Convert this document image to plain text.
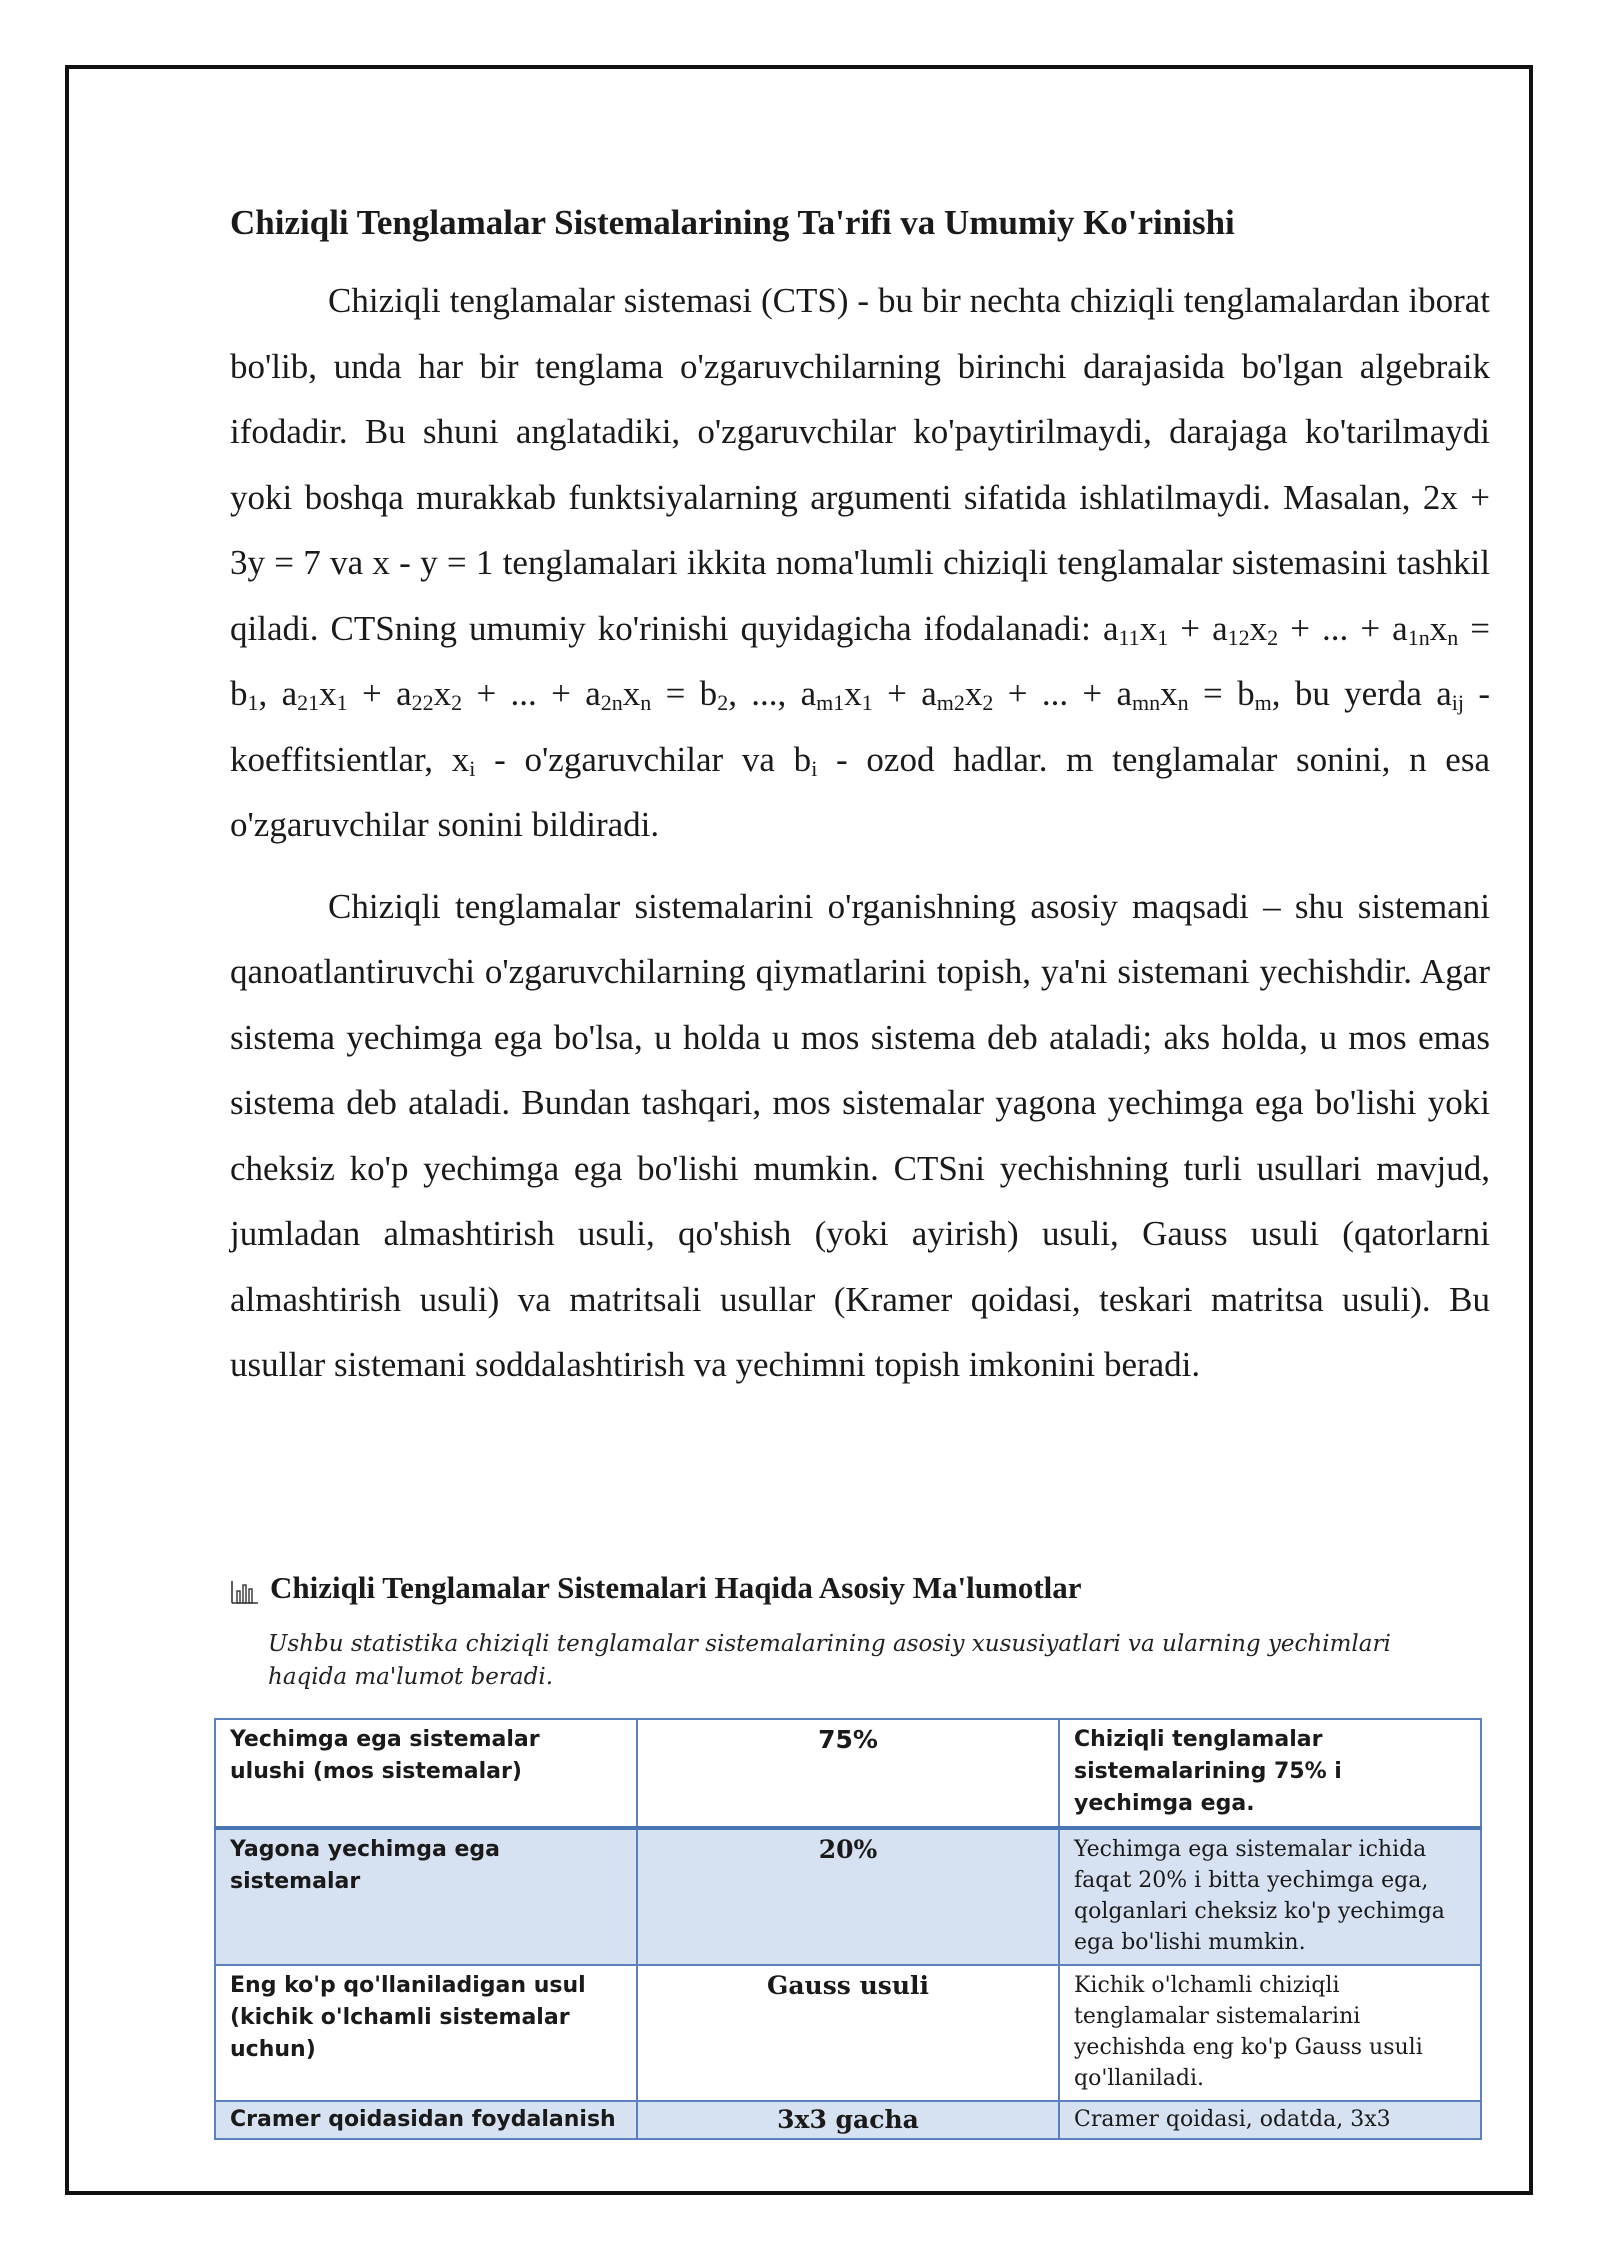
Chiziqli Tenglamalar Sistemalarining Ta'rifi va Umumiy Ko'rinishi

Chiziqli tenglamalar sistemasi (CTS) - bu bir nechta chiziqli tenglamalardan iborat bo'lib, unda har bir tenglama o'zgaruvchilarning birinchi darajasida bo'lgan algebraik ifodadir. Bu shuni anglatadiki, o'zgaruvchilar ko'paytirilmaydi, darajaga ko'tarilmaydi yoki boshqa murakkab funktsiyalarning argumenti sifatida ishlatilmaydi. Masalan, 2x + 3y = 7 va x - y = 1 tenglamalari ikkita noma'lumli chiziqli tenglamalar sistemasini tashkil qiladi. CTSning umumiy ko'rinishi quyidagicha ifodalanadi: $a_{11}x_1 + a_{12}x_2$ + ... + $a_{1n}x_n = b_1$, $a_{21}x_1 + a_{22}x_2$ + ... + $a_{2n}x_n = b_2$, ..., $a_{m1}x_1 + a_{m2}x_2$ + ... + $a_{mn}x_n = b_m$, bu yerda $a_{ij}$ - koeffitsientlar, $x_i$ - o'zgaruvchilar va $b_i$ - ozod hadlar. m tenglamalar sonini, n esa o'zgaruvchilar sonini bildiradi.

Chiziqli tenglamalar sistemalarini o'rganishning asosiy maqsadi – shu sistemani qanoatlantiruvchi o'zgaruvchilarning qiymatlarini topish, ya'ni sistemani yechishdir. Agar sistema yechimga ega bo'lsa, u holda u mos sistema deb ataladi; aks holda, u mos emas sistema deb ataladi. Bundan tashqari, mos sistemalar yagona yechimga ega bo'lishi yoki cheksiz ko'p yechimga ega bo'lishi mumkin. CTSni yechishning turli usullari mavjud, jumladan almashtirish usuli, qo'shish (yoki ayirish) usuli, Gauss usuli (qatorlarni almashtirish usuli) va matritsali usullar (Kramer qoidasi, teskari matritsa usuli). Bu usullar sistemani soddalashtirish va yechimni topish imkonini beradi.

Chiziqli Tenglamalar Sistemalari Haqida Asosiy Ma'lumotlar
Ushbu statistika chiziqli tenglamalar sistemalarining asosiy xususiyatlari va ularning yechimlari haqida ma'lumot beradi.
Yechimga ega sistemalar ulushi (mos sistemalar)	75%	Chiziqli tenglamalar sistemalarining 75% i yechimga ega.

Yagona yechimga ega sistemalar	20%	Yechimga ega sistemalar ichida faqat 20% i bitta yechimga ega, qolganlari cheksiz ko'p yechimga ega bo'lishi mumkin.

Eng ko'p qo'llaniladigan usul (kichik o'lchamli sistemalar uchun)	Gauss usuli	Kichik o'lchamli chiziqli tenglamalar sistemalarini yechishda eng ko'p Gauss usuli qo'llaniladi.

Cramer qoidasidan foydalanish	3x3 gacha	Cramer qoidasi, odatda, 3x3
